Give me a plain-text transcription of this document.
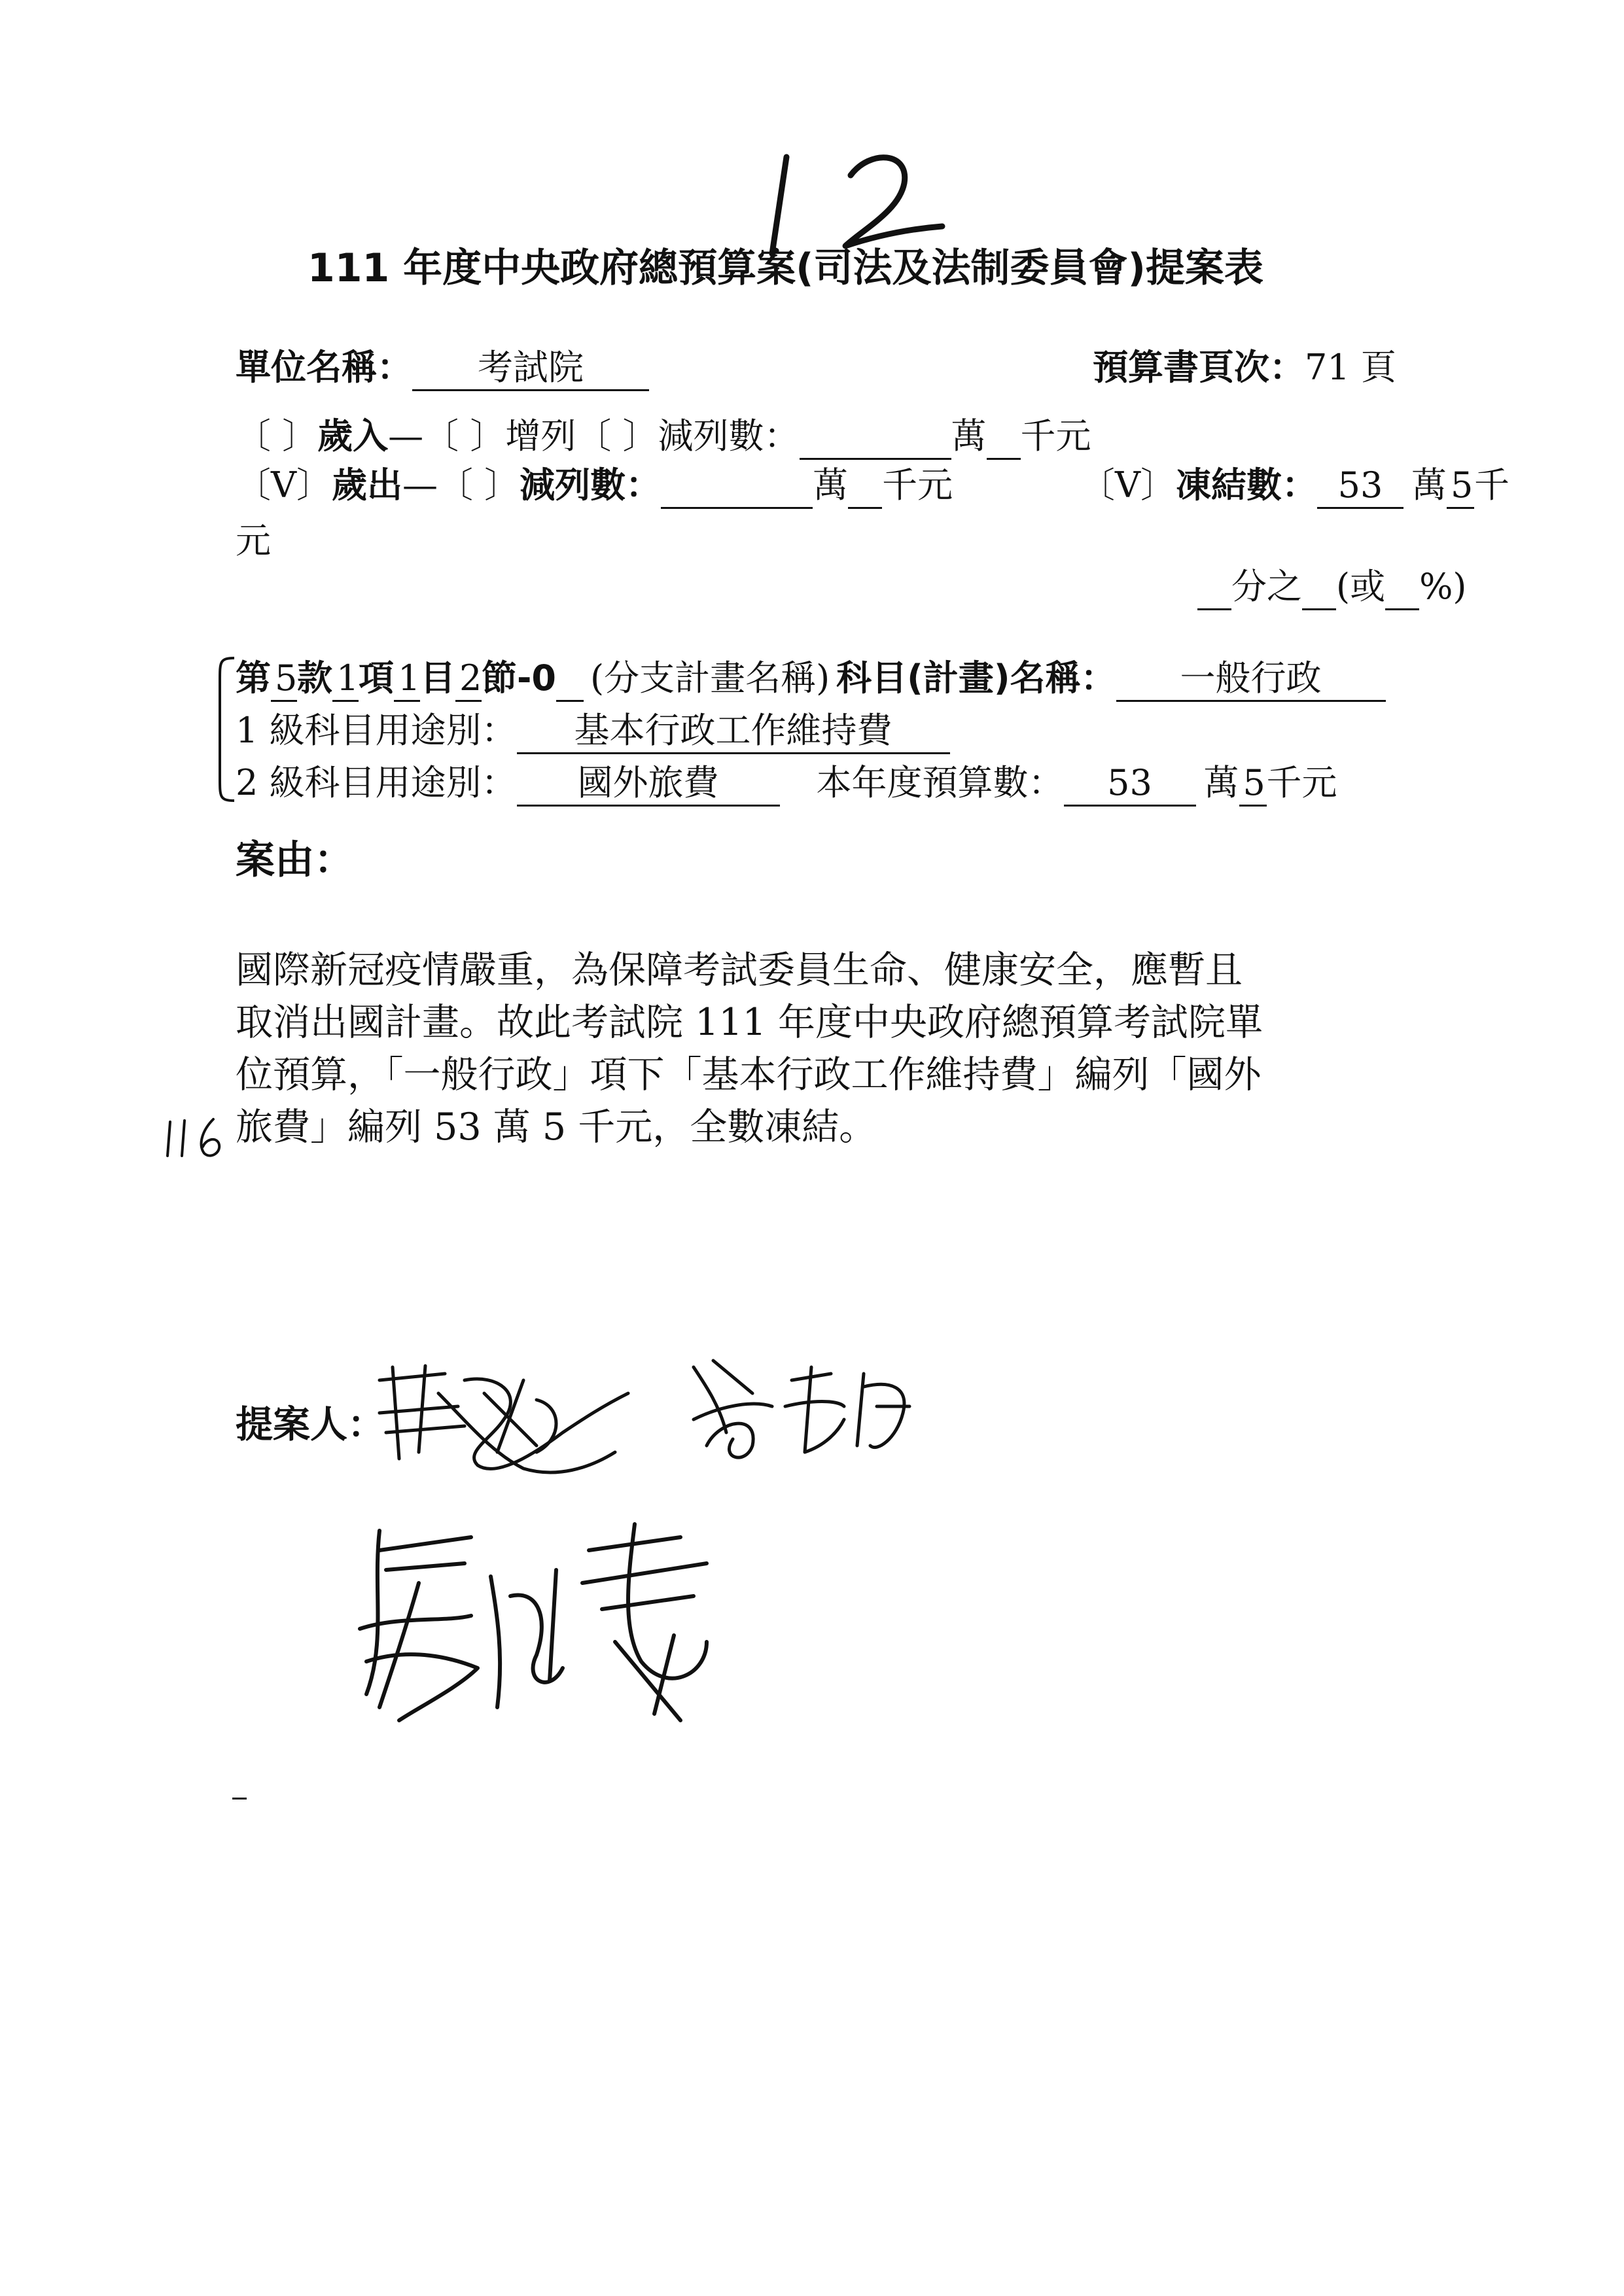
111 年度中央政府總預算案(司法及法制委員會)提案表
單位名稱： 考試院	預算書頁次：71 頁
〔 〕歲入—〔 〕增列〔 〕減列數：	萬 千元
〔V〕歲出—〔 〕減列數：	萬 千元	〔V〕凍結數： 53 萬 5千
元
分之 (或 %)
第 5款 1項 1目 2節-0 (分支計畫名稱) 科目(計畫)名稱： 一般行政
1 級科目用途別： 基本行政工作維持費
2 級科目用途別： 國外旅費	本年度預算數： 53 萬 5千元
案由：
國際新冠疫情嚴重，為保障考試委員生命、健康安全，應暫且
取消出國計畫。故此考試院 111 年度中央政府總預算考試院單
位預算，「一般行政」項下「基本行政工作維持費」編列「國外
旅費」編列 53 萬 5 千元，全數凍結。
提案人：
